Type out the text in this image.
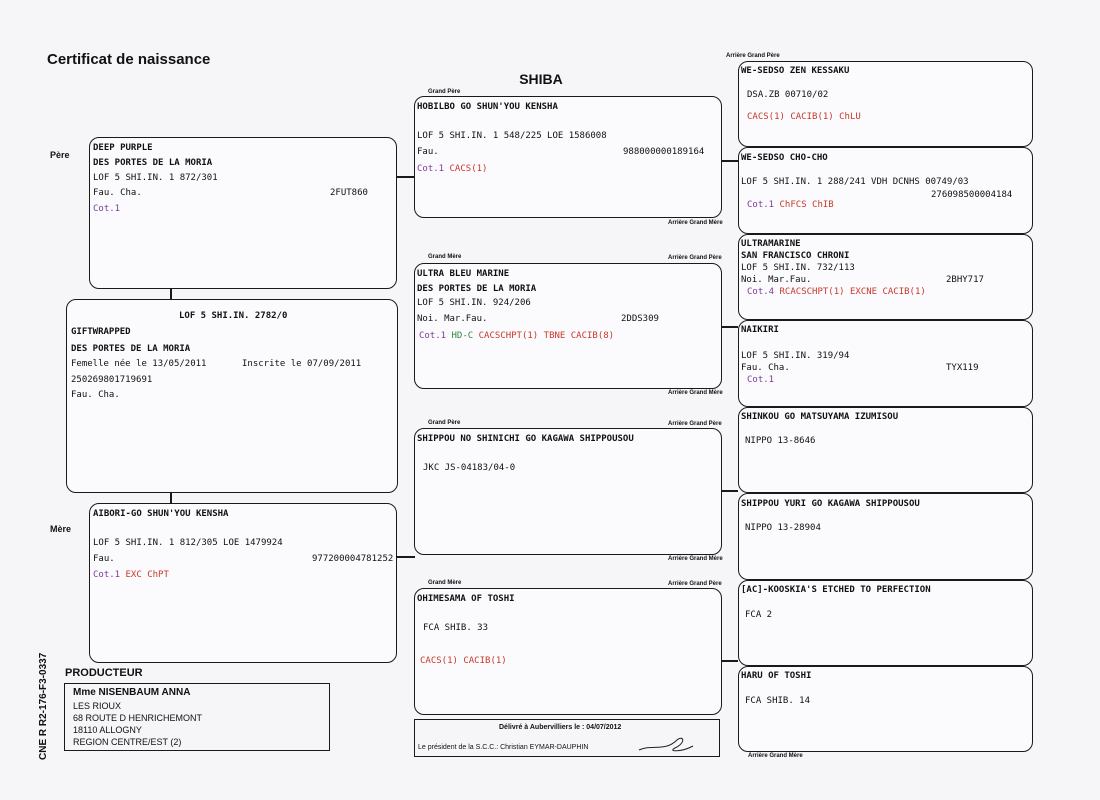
Certificat de naissance
SHIBA
Père
Mère
DEEP PURPLE
DES PORTES DE LA MORIA
LOF 5 SHI.IN. 1 872/301
Fau. Cha.	2FUT860
Cot.1
LOF 5 SHI.IN. 2782/0
GIFTWRAPPED
DES PORTES DE LA MORIA
Femelle née le 13/05/2011	Inscrite le 07/09/2011
250269801719691
Fau. Cha.
AIBORI-GO SHUN'YOU KENSHA
LOF 5 SHI.IN. 1 812/305 LOE 1479924
Fau.	977200004781252
Cot.1 EXC ChPT
Grand Père
HOBILBO GO SHUN'YOU KENSHA
LOF 5 SHI.IN. 1 548/225 LOE 1586008
Fau.	988000000189164
Cot.1 CACS(1)
Arrière Grand Mère
Grand Mère	Arrière Grand Père
ULTRA BLEU MARINE
DES PORTES DE LA MORIA
LOF 5 SHI.IN. 924/206
Noi. Mar.Fau.	2DDS309
Cot.1 HD-C CACSCHPT(1) TBNE CACIB(8)
Arrière Grand Mère
Grand Père	Arrière Grand Père
SHIPPOU NO SHINICHI GO KAGAWA SHIPPOUSOU
JKC JS-04183/04-0
Arrière Grand Mère
Grand Mère	Arrière Grand Père
OHIMESAMA OF TOSHI
FCA SHIB. 33
CACS(1) CACIB(1)
Arrière Grand Père
WE-SEDSO ZEN KESSAKU
DSA.ZB 00710/02
CACS(1) CACIB(1) ChLU
WE-SEDSO CHO-CHO
LOF 5 SHI.IN. 1 288/241 VDH DCNHS 00749/03
276098500004184
Cot.1 ChFCS ChIB
ULTRAMARINE
SAN FRANCISCO CHRONI
LOF 5 SHI.IN. 732/113
Noi. Mar.Fau.	2BHY717
Cot.4 RCACSCHPT(1) EXCNE CACIB(1)
NAIKIRI
LOF 5 SHI.IN. 319/94
Fau. Cha.	TYX119
Cot.1
SHINKOU GO MATSUYAMA IZUMISOU
NIPPO 13-8646
SHIPPOU YURI GO KAGAWA SHIPPOUSOU
NIPPO 13-28904
[AC]-KOOSKIA'S ETCHED TO PERFECTION
FCA 2
HARU OF TOSHI
FCA SHIB. 14
Arrière Grand Mère
PRODUCTEUR
Mme NISENBAUM ANNA
LES RIOUX
68 ROUTE D HENRICHEMONT
18110 ALLOGNY
REGION CENTRE/EST (2)
CNE R R2-176-F3-0337	Délivré à Aubervilliers le : 04/07/2012
Le président de la S.C.C.: Christian EYMAR-DAUPHIN
